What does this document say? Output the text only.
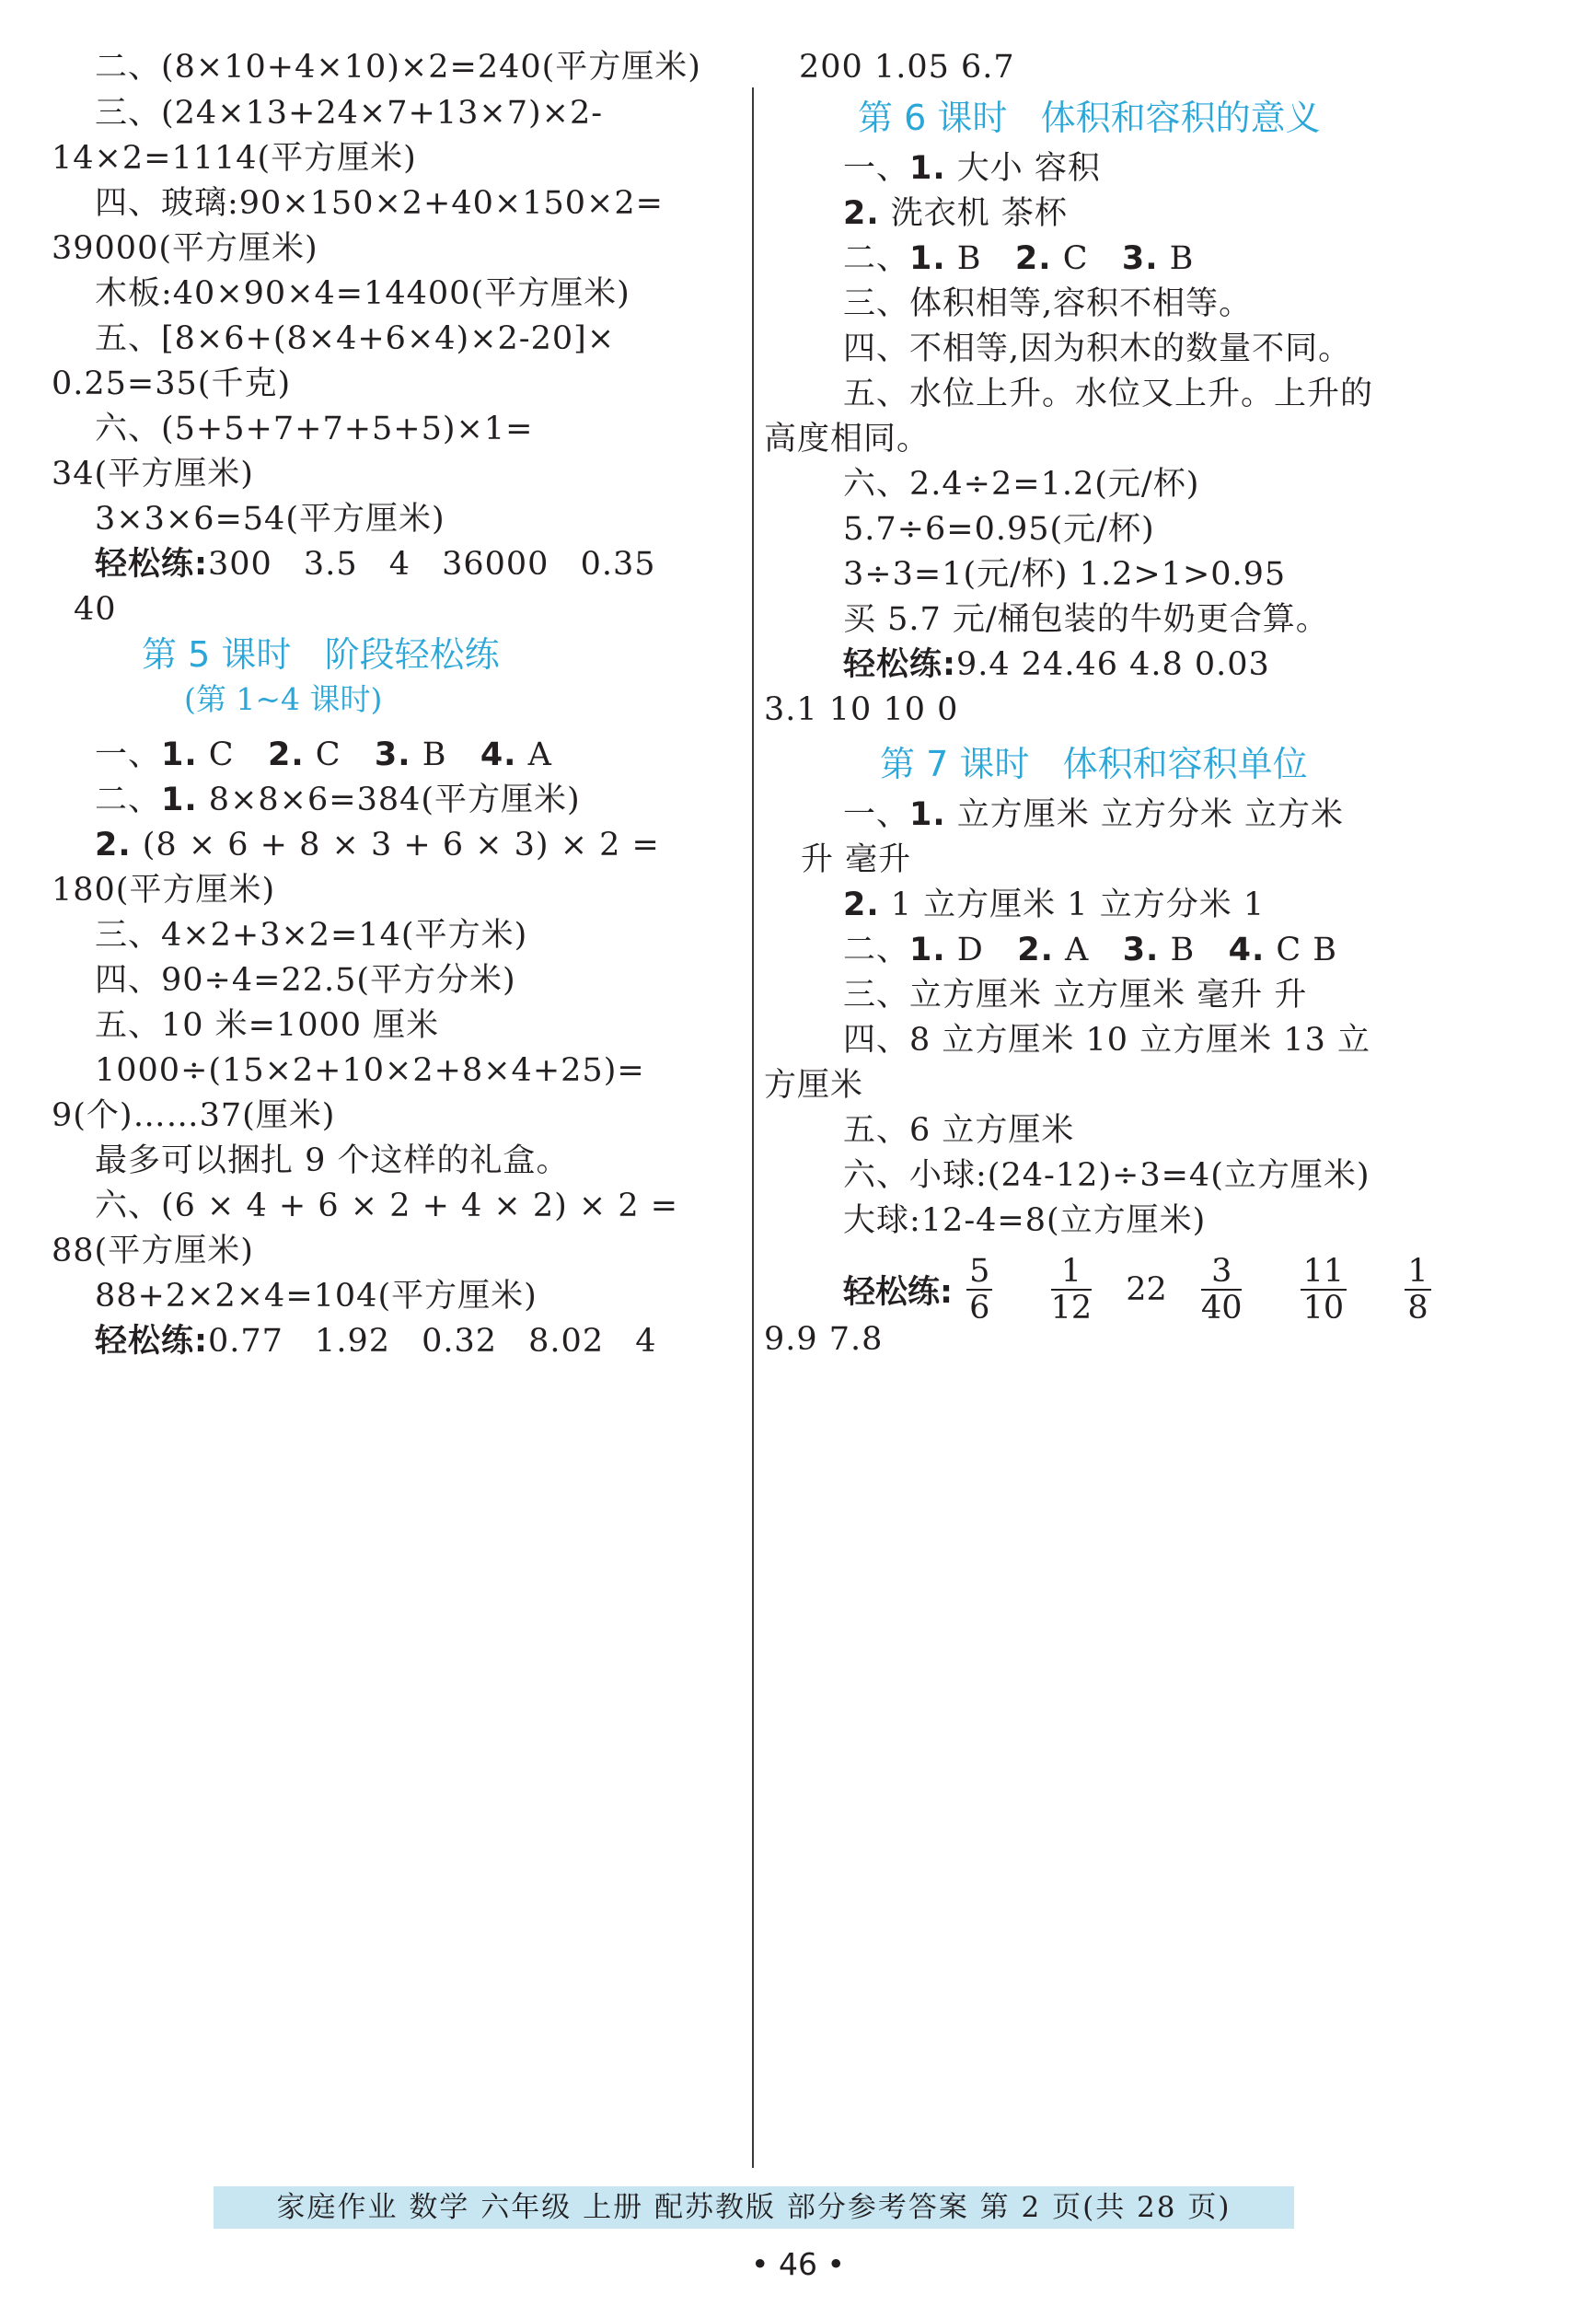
二、(8×10+4×10)×2=240(平方厘米)
三、(24×13+24×7+13×7)×2-
14×2=1114(平方厘米)
四、玻璃:90×150×2+40×150×2=
39000(平方厘米)
木板:40×90×4=14400(平方厘米)
五、[8×6+(8×4+6×4)×2-20]×
0.25=35(千克)
六、(5+5+7+7+5+5)×1=
34(平方厘米)
3×3×6=54(平方厘米)
轻松练:300 3.5 4 36000 0.35
40
第 5 课时 阶段轻松练
(第 1~4 课时)
一、1. C 2. C 3. B 4. A
二、1. 8×8×6=384(平方厘米)
2. (8 × 6 + 8 × 3 + 6 × 3) × 2 =
180(平方厘米)
三、4×2+3×2=14(平方米)
四、90÷4=22.5(平方分米)
五、10 米=1000 厘米
1000÷(15×2+10×2+8×4+25)=
9(个)……37(厘米)
最多可以捆扎 9 个这样的礼盒。
六、(6 × 4 + 6 × 2 + 4 × 2) × 2 =
88(平方厘米)
88+2×2×4=104(平方厘米)
轻松练:0.77 1.92 0.32 8.02 4
200 1.05 6.7
第 6 课时 体积和容积的意义
一、1. 大小 容积
2. 洗衣机 茶杯
二、1. B 2. C 3. B
三、体积相等,容积不相等。
四、不相等,因为积木的数量不同。
五、水位上升。水位又上升。上升的
高度相同。
六、2.4÷2=1.2(元/杯)
5.7÷6=0.95(元/杯)
3÷3=1(元/杯) 1.2>1>0.95
买 5.7 元/桶包装的牛奶更合算。
轻松练:9.4 24.46 4.8 0.03
3.1 10 10 0
第 7 课时 体积和容积单位
一、1. 立方厘米 立方分米 立方米
升 毫升
2. 1 立方厘米 1 立方分米 1
二、1. D 2. A 3. B 4. C B
三、立方厘米 立方厘米 毫升 升
四、8 立方厘米 10 立方厘米 13 立
方厘米
五、6 立方厘米
六、小球:(24-12)÷3=4(立方厘米)
大球:12-4=8(立方厘米)
轻松练: $\frac{5}{6}$
$\frac{1}{12} 22 \frac{3}{40}$
$\frac{11}{10}$
$\frac{1}{8}$
9.9 7.8
家庭作业 数学 六年级 上册 配苏教版 部分参考答案 第 2 页(共 28 页)
• 46 •
